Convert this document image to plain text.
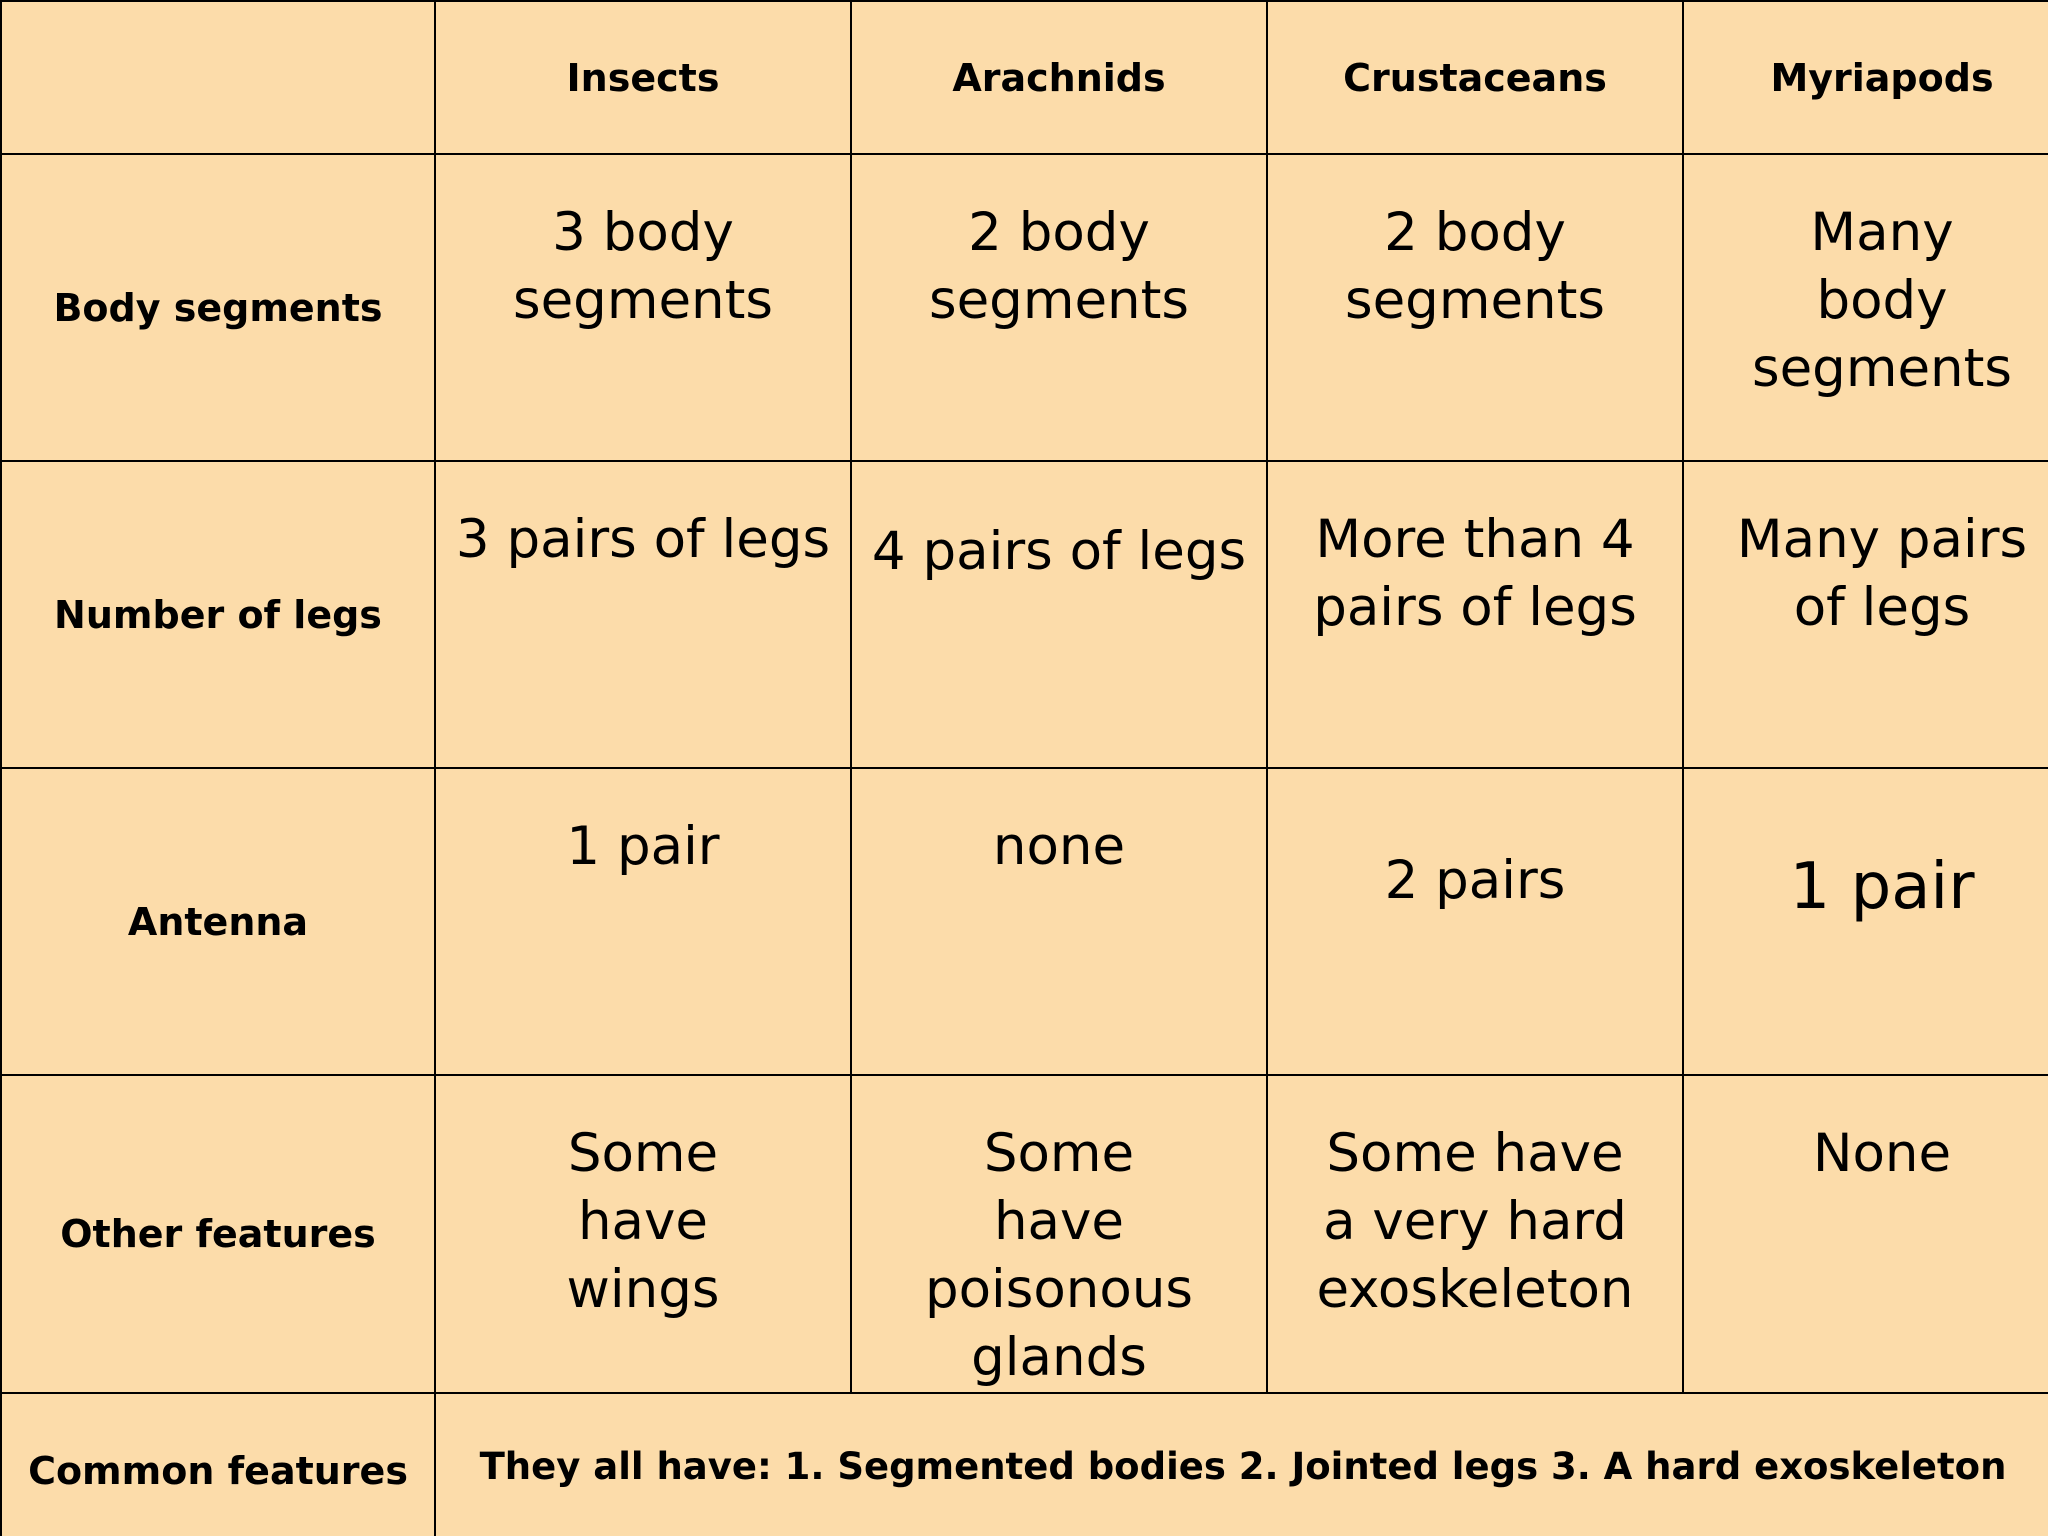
	Insects	Arachnids	Crustaceans	Myriapods
Body segments	3 body segments	2 body segments	2 body segments	Many body segments

Number of legs	3 pairs of legs	4 pairs of legs	More than 4 pairs of legs	Many pairs of legs

Antenna	1 pair	none	2 pairs	1 pair

Other features	Some have wings	Some have poisonous glands	Some have a very hard exoskeleton	None

Common features	They all have: 1. Segmented bodies 2. Jointed legs 3. A hard exoskeleton			
